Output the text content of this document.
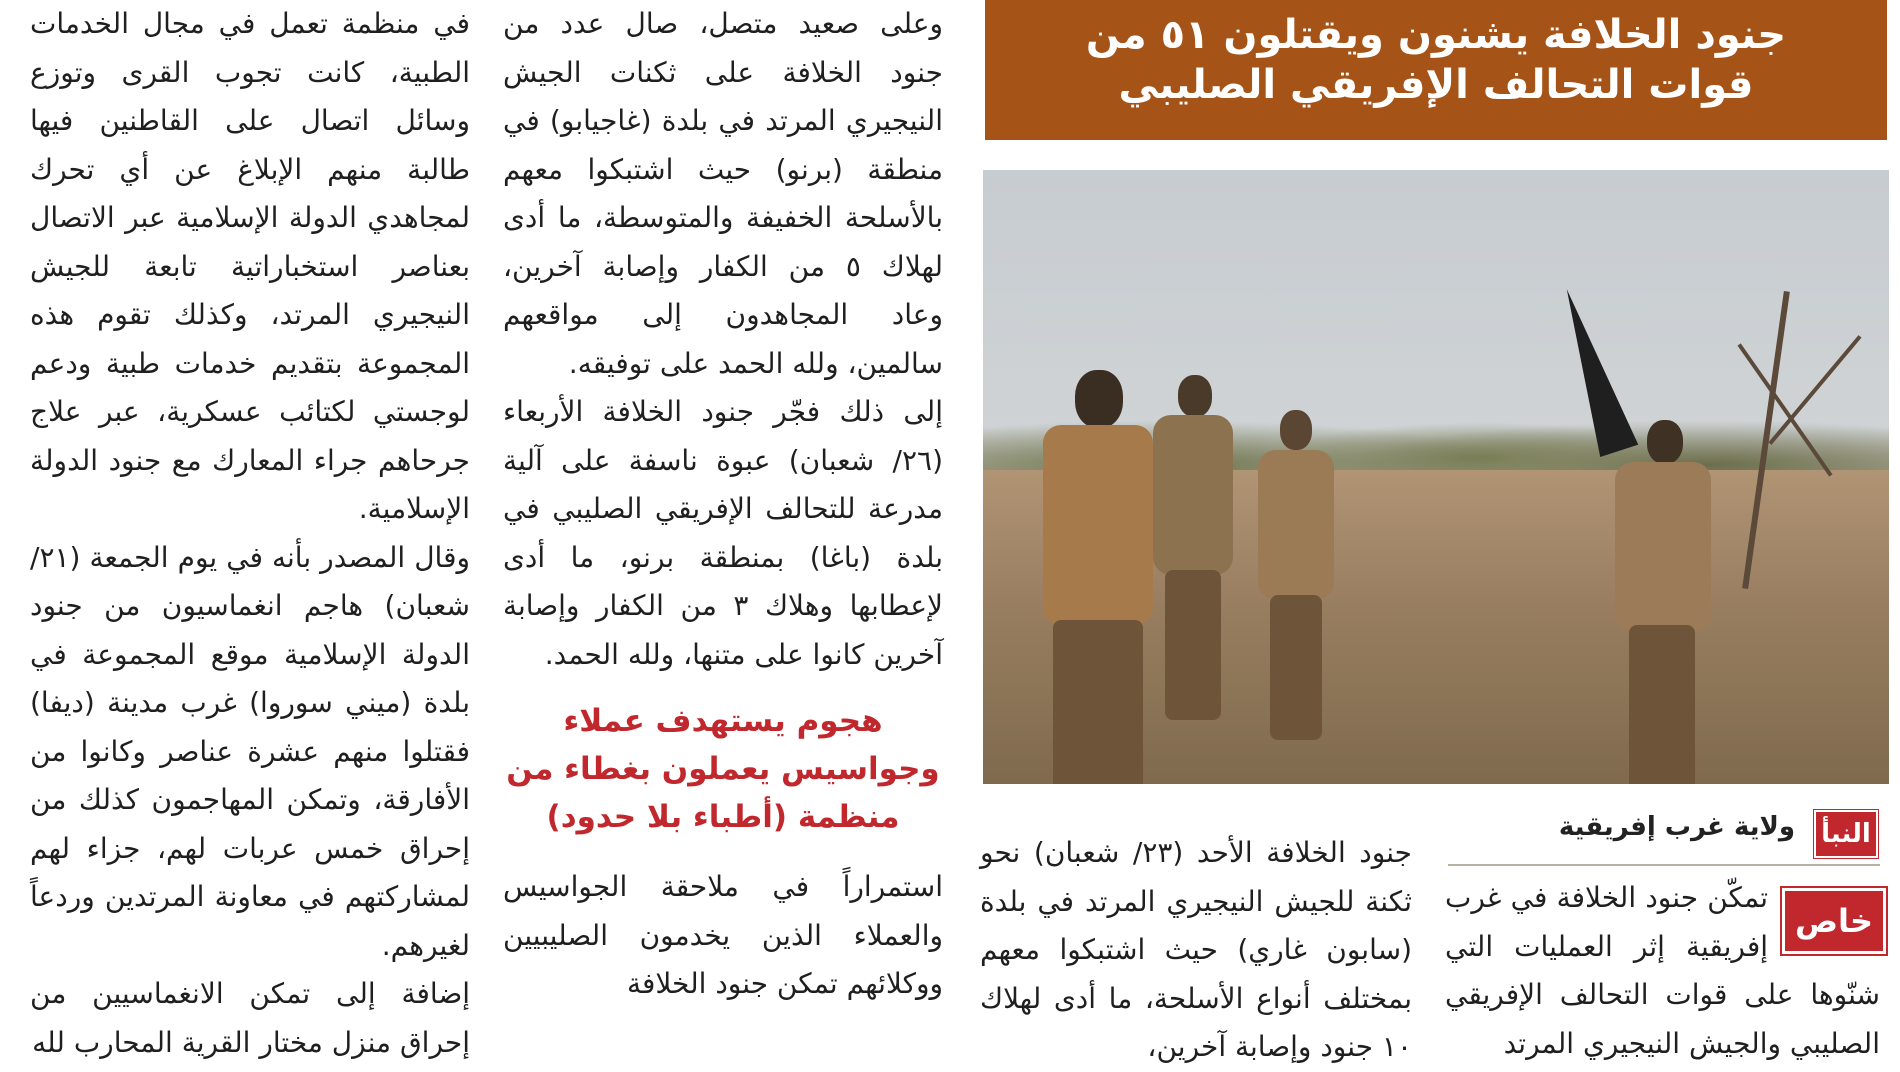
في منظمة تعمل في مجال الخدمات الطبية، كانت تجوب القرى وتوزع وسائل اتصال على القاطنين فيها طالبة منهم الإبلاغ عن أي تحرك لمجاهدي الدولة الإسلامية عبر الاتصال بعناصر استخباراتية تابعة للجيش النيجيري المرتد، وكذلك تقوم هذه المجموعة بتقديم خدمات طبية ودعم لوجستي لكتائب عسكرية، عبر علاج جرحاهم جراء المعارك مع جنود الدولة الإسلامية.

وقال المصدر بأنه في يوم الجمعة (٢١/شعبان) هاجم انغماسيون من جنود الدولة الإسلامية موقع المجموعة في بلدة (ميني سوروا) غرب مدينة (ديفا) فقتلوا منهم عشرة عناصر وكانوا من الأفارقة، وتمكن المهاجمون كذلك من إحراق خمس عربات لهم، جزاء لهم لمشاركتهم في معاونة المرتدين وردعاً لغيرهم.

إضافة إلى تمكن الانغماسيين من إحراق منزل مختار القرية المحارب لله

وعلى صعيد متصل، صال عدد من جنود الخلافة على ثكنات الجيش النيجيري المرتد في بلدة (غاجيابو) في منطقة (برنو) حيث اشتبكوا معهم بالأسلحة الخفيفة والمتوسطة، ما أدى لهلاك ٥ من الكفار وإصابة آخرين، وعاد المجاهدون إلى مواقعهم سالمين، ولله الحمد على توفيقه.

إلى ذلك فجّر جنود الخلافة الأربعاء (٢٦/ شعبان) عبوة ناسفة على آلية مدرعة للتحالف الإفريقي الصليبي في بلدة (باغا) بمنطقة برنو، ما أدى لإعطابها وهلاك ٣ من الكفار وإصابة آخرين كانوا على متنها، ولله الحمد.

هجوم يستهدف عملاء وجواسيس يعملون بغطاء من منظمة (أطباء بلا حدود)

استمراراً في ملاحقة الجواسيس والعملاء الذين يخدمون الصليبيين ووكلائهم تمكن جنود الخلافة

جنود الخلافة يشنون ويقتلون ٥١ من
قوات التحالف الإفريقي الصليبي
النبأ
ولاية غرب إفريقية

جنود الخلافة الأحد (٢٣/ شعبان) نحو ثكنة للجيش النيجيري المرتد في بلدة (سابون غاري) حيث اشتبكوا معهم بمختلف أنواع الأسلحة، ما أدى لهلاك ١٠ جنود وإصابة آخرين،

تمكّن جنود الخلافة في غرب إفريقية إثر العمليات التي شنّوها على قوات التحالف الإفريقي الصليبي والجيش النيجيري المرتد

خاص
